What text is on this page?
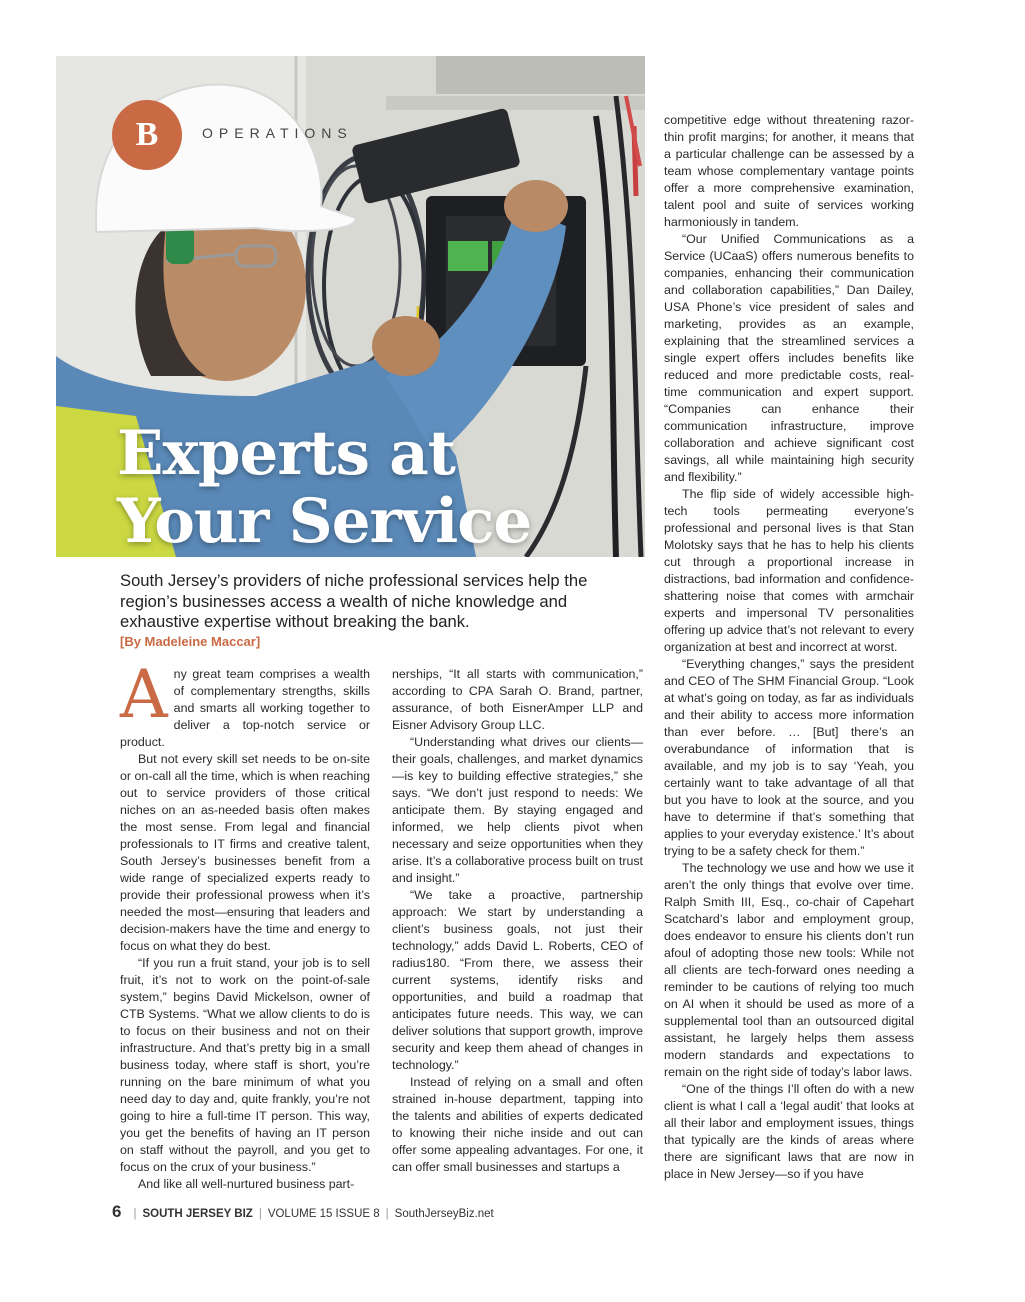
B	OPERATIONS
Experts at
Your Service
South Jersey’s providers of niche professional services help the region’s businesses access a wealth of niche knowledge and exhaustive expertise without breaking the bank.
[By Madeleine Maccar]

Any great team comprises a wealth of complementary strengths, skills and smarts all working together to deliver a top-notch service or product.

But not every skill set needs to be on-site or on-call all the time, which is when reaching out to service providers of those critical niches on an as-needed basis often makes the most sense. From legal and financial professionals to IT firms and creative talent, South Jersey’s businesses benefit from a wide range of specialized experts ready to provide their professional prowess when it’s needed the most—ensuring that leaders and decision-makers have the time and energy to focus on what they do best.

“If you run a fruit stand, your job is to sell fruit, it’s not to work on the point-of-sale system,” begins David Mickelson, owner of CTB Systems. “What we allow clients to do is to focus on their business and not on their infrastructure. And that’s pretty big in a small business today, where staff is short, you’re running on the bare minimum of what you need day to day and, quite frankly, you’re not going to hire a full-time IT person. This way, you get the benefits of having an IT person on staff without the payroll, and you get to focus on the crux of your business.”

And like all well-nurtured business part-

nerships, “It all starts with communication,” according to CPA Sarah O. Brand, partner, assurance, of both EisnerAmper LLP and Eisner Advisory Group LLC.

“Understanding what drives our clients—their goals, challenges, and market dynamics—is key to building effective strategies,” she says. “We don’t just respond to needs: We anticipate them. By staying engaged and informed, we help clients pivot when necessary and seize opportunities when they arise. It’s a collaborative process built on trust and insight.”

“We take a proactive, partnership approach: We start by understanding a client’s business goals, not just their technology,” adds David L. Roberts, CEO of radius180. “From there, we assess their current systems, identify risks and opportunities, and build a roadmap that anticipates future needs. This way, we can deliver solutions that support growth, improve security and keep them ahead of changes in technology.”

Instead of relying on a small and often strained in-house department, tapping into the talents and abilities of experts dedicated to knowing their niche inside and out can offer some appealing advantages. For one, it can offer small businesses and startups a

competitive edge without threatening razor-thin profit margins; for another, it means that a particular challenge can be assessed by a team whose complementary vantage points offer a more comprehensive examination, talent pool and suite of services working harmoniously in tandem.

“Our Unified Communications as a Service (UCaaS) offers numerous benefits to companies, enhancing their communication and collaboration capabilities,” Dan Dailey, USA Phone’s vice president of sales and marketing, provides as an example, explaining that the streamlined services a single expert offers includes benefits like reduced and more predictable costs, real-time communication and expert support. “Companies can enhance their communication infrastructure, improve collaboration and achieve significant cost savings, all while maintaining high security and flexibility.”

The flip side of widely accessible high-tech tools permeating everyone’s professional and personal lives is that Stan Molotsky says that he has to help his clients cut through a proportional increase in distractions, bad information and confidence-shattering noise that comes with armchair experts and impersonal TV personalities offering up advice that’s not relevant to every organization at best and incorrect at worst.

“Everything changes,” says the president and CEO of The SHM Financial Group. “Look at what’s going on today, as far as individuals and their ability to access more information than ever before. … [But] there’s an overabundance of information that is available, and my job is to say ‘Yeah, you certainly want to take advantage of all that but you have to look at the source, and you have to determine if that’s something that applies to your everyday existence.’ It’s about trying to be a safety check for them.”

The technology we use and how we use it aren’t the only things that evolve over time. Ralph Smith III, Esq., co-chair of Capehart Scatchard’s labor and employment group, does endeavor to ensure his clients don’t run afoul of adopting those new tools: While not all clients are tech-forward ones needing a reminder to be cautions of relying too much on AI when it should be used as more of a supplemental tool than an outsourced digital assistant, he largely helps them assess modern standards and expectations to remain on the right side of today’s labor laws.

“One of the things I’ll often do with a new client is what I call a ‘legal audit’ that looks at all their labor and employment issues, things that typically are the kinds of areas where there are significant laws that are now in place in New Jersey—so if you have

6 | SOUTH JERSEY BIZ | VOLUME 15 ISSUE 8 | SouthJerseyBiz.net
